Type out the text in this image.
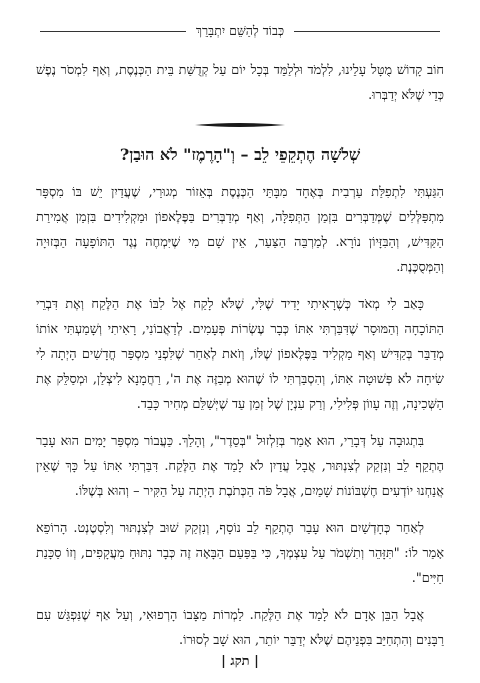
כְּבוֹד לְהַשֵּׁם יִתְבָּרֵךְ

חוֹב קָדוֹשׁ מֻטָּל עָלֵינוּ, לִלְמֹד וּלְלַמֵּד בְּכָל יוֹם עַל קְדֻשַּׁת בֵּית הַכְּנֶסֶת, וְאַף לִמְסֹר נֶפֶשׁ כְּדֵי שֶׁלֹּא יְדַבְּרוּ.

שְׁלֹשָׁה הֶתְקֵפֵי לֵב – וְ"הָרֶמֶז" לֹא הוּבַן?

הִגַּעְתִּי לִתְפִלַּת עַרְבִית בְּאֶחָד מִבָּתֵּי הַכְּנֶסֶת בְּאֵזוֹר מְגוּרַי, שֶׁעֲדַיִן יֵשׁ בּוֹ מִסְפָּר מִתְפַּלְּלִים שֶׁמְּדַבְּרִים בִּזְמַן הַתְּפִלָּה, וְאַף מְדַבְּרִים בַּפֶּלֶאפוֹן וּמַקְלִידִים בִּזְמַן אֲמִירַת הַקַּדִּישׁ, וְהַבִּזָּיוֹן נוֹרָא. לְמַרְבֵּה הַצַּעַר, אֵין שָׁם מִי שֶׁיִּמְחֶה נֶגֶד הַתּוֹפָעָה הַבְּזוּיָה וְהַמְּסֻכֶּנֶת.

כָּאַב לִי מְאֹד כְּשֶׁרָאִיתִי יָדִיד שֶׁלִּי, שֶׁלֹּא לָקַח אֶל לִבּוֹ אֶת הַלֶּקַח וְאֶת דִּבְרֵי הַתּוֹכָחָה וְהַמּוּסָר שֶׁדִּבַּרְתִּי אִתּוֹ כְּבָר עֶשְׂרוֹת פְּעָמִים. לְדַאֲבוֹנִי, רָאִיתִי וְשָׁמַעְתִּי אוֹתוֹ מְדַבֵּר בְּקַדִּישׁ וְאַף מַקְלִיד בַּפֶּלֶאפוֹן שֶׁלּוֹ, וְזֹאת לְאַחַר שֶׁלִּפְנֵי מִסְפַּר חֳדָשִׁים הָיְתָה לִי שִׂיחָה לֹא פְּשׁוּטָה אִתּוֹ, וְהִסְבַּרְתִּי לוֹ שֶׁהוּא מְבַזֶּה אֶת ה', רַחֲמָנָא לִיצְלַן, וּמְסַלֵּק אֶת הַשְּׁכִינָה, וְזֶה עָווֹן פְּלִילִי, וְרַק עִנְיָן שֶׁל זְמַן עַד שֶׁיְּשַׁלֵּם מְחִיר כָּבֵד.

בִּתְגוּבָה עַל דְּבָרַי, הוּא אָמַר בְּזִלְזוּל "בְּסֵדֶר", וְהָלַךְ. כַּעֲבוֹר מִסְפַּר יָמִים הוּא עָבַר הֶתְקֵף לֵב וְנִזְקַק לְצִנְתּוּר, אֲבָל עֲדַיִן לֹא לָמַד אֶת הַלֶּקַח. דִּבַּרְתִּי אִתּוֹ עַל כָּךְ שֶׁאֵין אֲנַחְנוּ יוֹדְעִים חֶשְׁבּוֹנוֹת שָׁמַיִם, אֲבָל פֹּה הַכְּתֹבֶת הָיְתָה עַל הַקִּיר – וְהוּא בְּשֶׁלּוֹ.

לְאַחַר כְּחָדְשַׁיִם הוּא עָבַר הֶתְקֵף לֵב נוֹסָף, וְנִזְקַק שׁוּב לְצִנְתּוּר וְלִסְטֶנְט. הָרוֹפֵא אָמַר לוֹ: "תִּזָּהֵר וְתִשְׁמֹר עַל עַצְמְךָ, כִּי בַּפַּעַם הַבָּאָה זֶה כְּבָר נִתּוּחַ מַעֲקָפִים, וְזוֹ סַכָּנַת חַיִּים".

אֲבָל הַבֵּן אָדָם לֹא לָמַד אֶת הַלֶּקַח. לַמְרוֹת מַצָּבוֹ הָרְפוּאִי, וְעַל אַף שֶׁנִּפְגַּשׁ עִם רַבָּנִים וְהִתְחַיֵּב בִּפְנֵיהֶם שֶׁלֹּא יְדַבֵּר יוֹתֵר, הוּא שָׁב לְסוּרוֹ.

| תקג |
